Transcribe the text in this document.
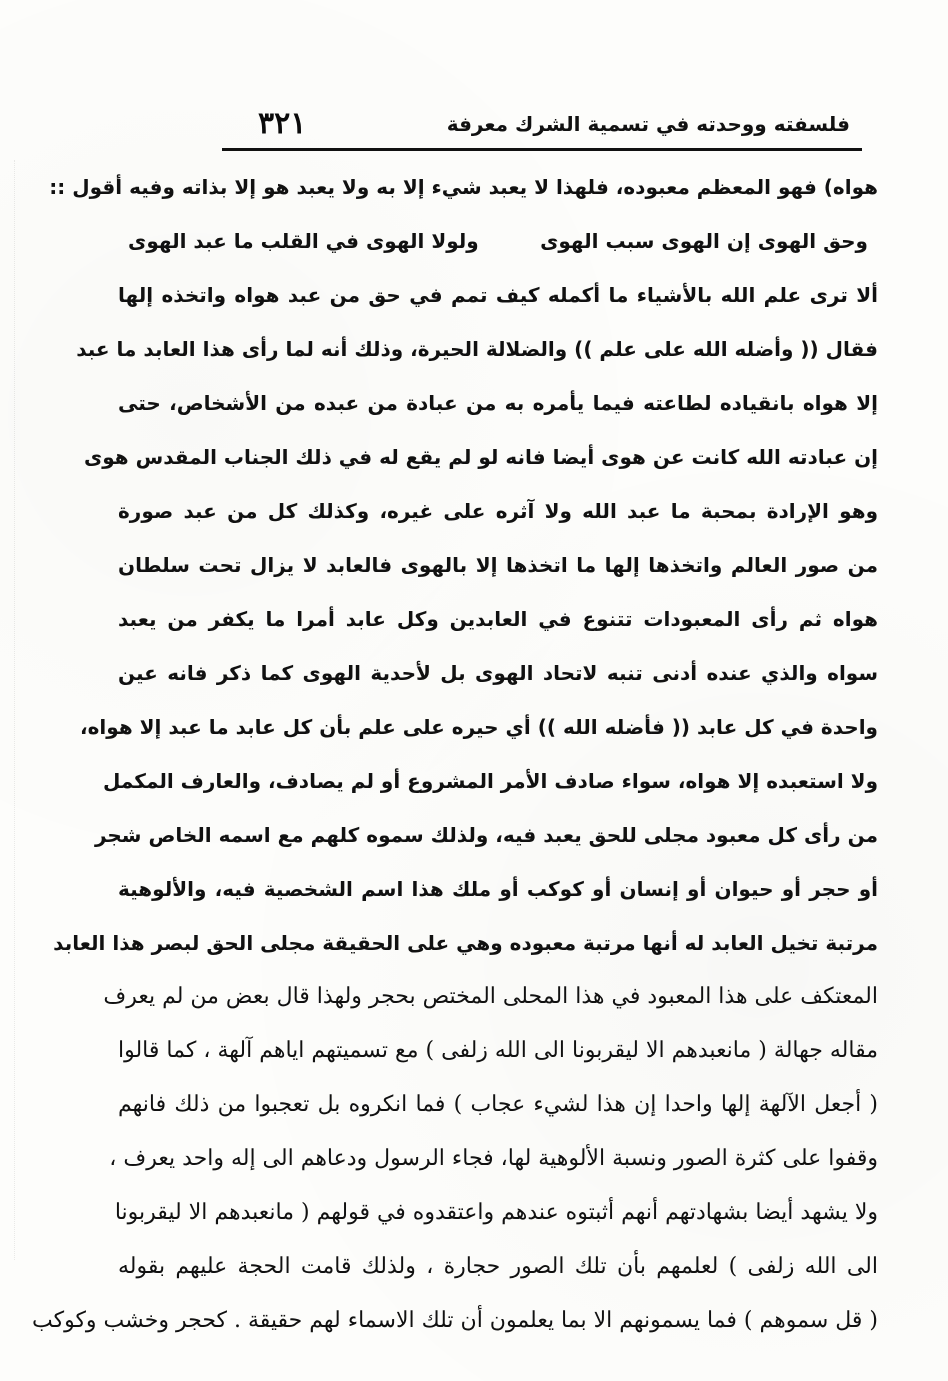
٣٢١	فلسفته ووحدته في تسمية الشرك معرفة
هواه) فهو المعظم معبوده، فلهذا لا يعبد شيء إلا به ولا يعبد هو إلا بذاته وفيه أقول ::
وحق الهوى إن الهوى سبب الهوى
ولولا الهوى في القلب ما عبد الهوى
ألا ترى علم الله بالأشياء ما أكمله كيف تمم في حق من عبد هواه واتخذه إلها
فقال (( وأضله الله على علم )) والضلالة الحيرة، وذلك أنه لما رأى هذا العابد ما عبد
إلا هواه بانقياده لطاعته فيما يأمره به من عبادة من عبده من الأشخاص، حتى
إن عبادته الله كانت عن هوى أيضا فانه لو لم يقع له في ذلك الجناب المقدس هوى
وهو الإرادة بمحبة ما عبد الله ولا آثره على غيره، وكذلك كل من عبد صورة
من صور العالم واتخذها إلها ما اتخذها إلا بالهوى فالعابد لا يزال تحت سلطان
هواه ثم رأى المعبودات تتنوع في العابدين وكل عابد أمرا ما يكفر من يعبد
سواه والذي عنده أدنى تنبه لاتحاد الهوى بل لأحدية الهوى كما ذكر فانه عين
واحدة في كل عابد (( فأضله الله )) أي حيره على علم بأن كل عابد ما عبد إلا هواه،
ولا استعبده إلا هواه، سواء صادف الأمر المشروع أو لم يصادف، والعارف المكمل
من رأى كل معبود مجلى للحق يعبد فيه، ولذلك سموه كلهم مع اسمه الخاص شجر
أو حجر أو حيوان أو إنسان أو كوكب أو ملك هذا اسم الشخصية فيه، والألوهية
مرتبة تخيل العابد له أنها مرتبة معبوده وهي على الحقيقة مجلى الحق لبصر هذا العابد
المعتكف على هذا المعبود في هذا المحلى المختص بحجر ولهذا قال بعض من لم يعرف
مقاله جهالة ( مانعبدهم الا ليقربونا الى الله زلفى ) مع تسميتهم اياهم آلهة ، كما قالوا
( أجعل الآلهة إلها واحدا إن هذا لشيء عجاب ) فما انكروه بل تعجبوا من ذلك فانهم
وقفوا على كثرة الصور ونسبة الألوهية لها، فجاء الرسول ودعاهم الى إله واحد يعرف ،
ولا يشهد أيضا بشهادتهم أنهم أثبتوه عندهم واعتقدوه في قولهم ( مانعبدهم الا ليقربونا
الى الله زلفى ) لعلمهم بأن تلك الصور حجارة ، ولذلك قامت الحجة عليهم بقوله
( قل سموهم ) فما يسمونهم الا بما يعلمون أن تلك الاسماء لهم حقيقة . كحجر وخشب وكوكب
